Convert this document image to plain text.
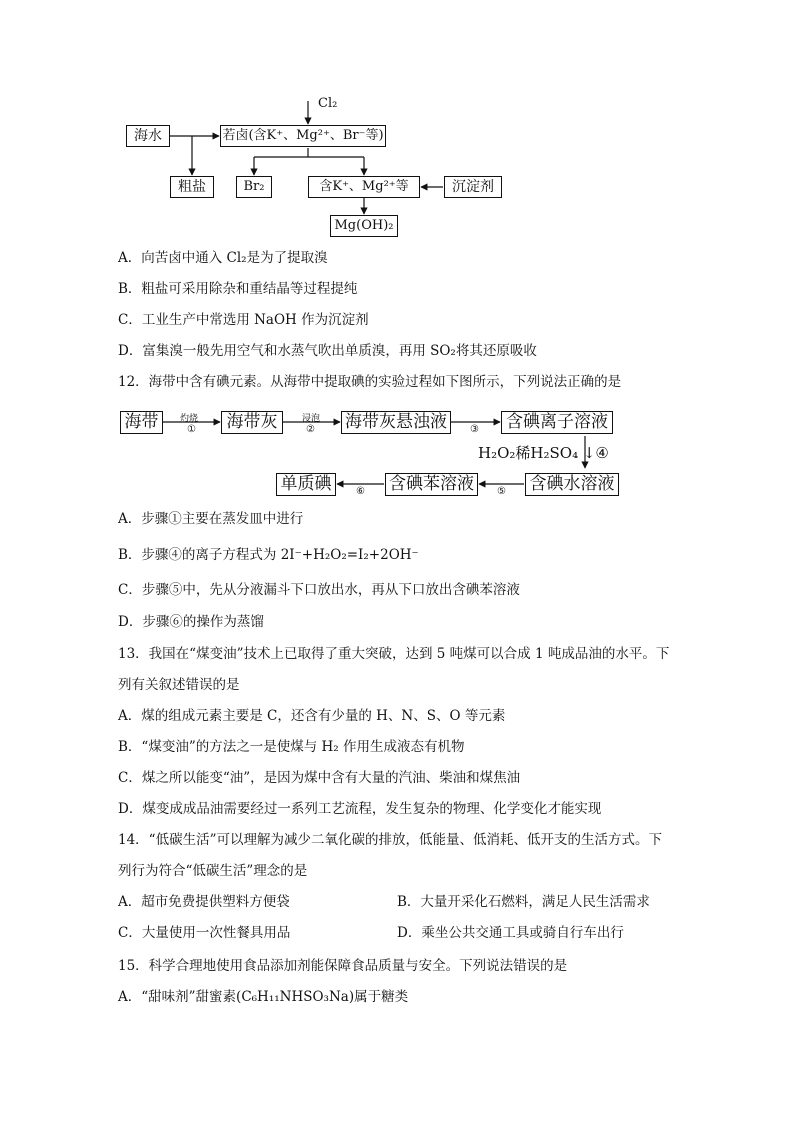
Cl₂
海水	若卤(含K⁺、Mg²⁺、Br⁻等)
粗盐	Br₂	含K⁺、Mg²⁺等	沉淀剂
Mg(OH)₂
A．向苦卤中通入 Cl₂是为了提取溴
B．粗盐可采用除杂和重结晶等过程提纯
C．工业生产中常选用 NaOH 作为沉淀剂
D．富集溴一般先用空气和水蒸气吹出单质溴，再用 SO₂将其还原吸收
12．海带中含有碘元素。从海带中提取碘的实验过程如下图所示，下列说法正确的是
海带	海带灰	海带灰悬浊液	含碘离子溶液
含碘水溶液
含碘苯溶液
单质碘
灼烧
①
浸泡
②	③
H₂O₂稀H₂SO₄ ↓④
⑤
⑥
A．步骤①主要在蒸发皿中进行
B．步骤④的离子方程式为 2I⁻+H₂O₂=I₂+2OH⁻
C．步骤⑤中，先从分液漏斗下口放出水，再从下口放出含碘苯溶液
D．步骤⑥的操作为蒸馏
13．我国在“煤变油”技术上已取得了重大突破，达到 5 吨煤可以合成 1 吨成品油的水平。下
列有关叙述错误的是
A．煤的组成元素主要是 C，还含有少量的 H、N、S、O 等元素
B．“煤变油”的方法之一是使煤与 H₂ 作用生成液态有机物
C．煤之所以能变“油”，是因为煤中含有大量的汽油、柴油和煤焦油
D．煤变成成品油需要经过一系列工艺流程，发生复杂的物理、化学变化才能实现
14．“低碳生活”可以理解为减少二氧化碳的排放，低能量、低消耗、低开支的生活方式。下
列行为符合“低碳生活”理念的是
A．超市免费提供塑料方便袋	B．大量开采化石燃料，满足人民生活需求
C．大量使用一次性餐具用品	D．乘坐公共交通工具或骑自行车出行
15．科学合理地使用食品添加剂能保障食品质量与安全。下列说法错误的是
A．“甜味剂”甜蜜素(C₆H₁₁NHSO₃Na)属于糖类
